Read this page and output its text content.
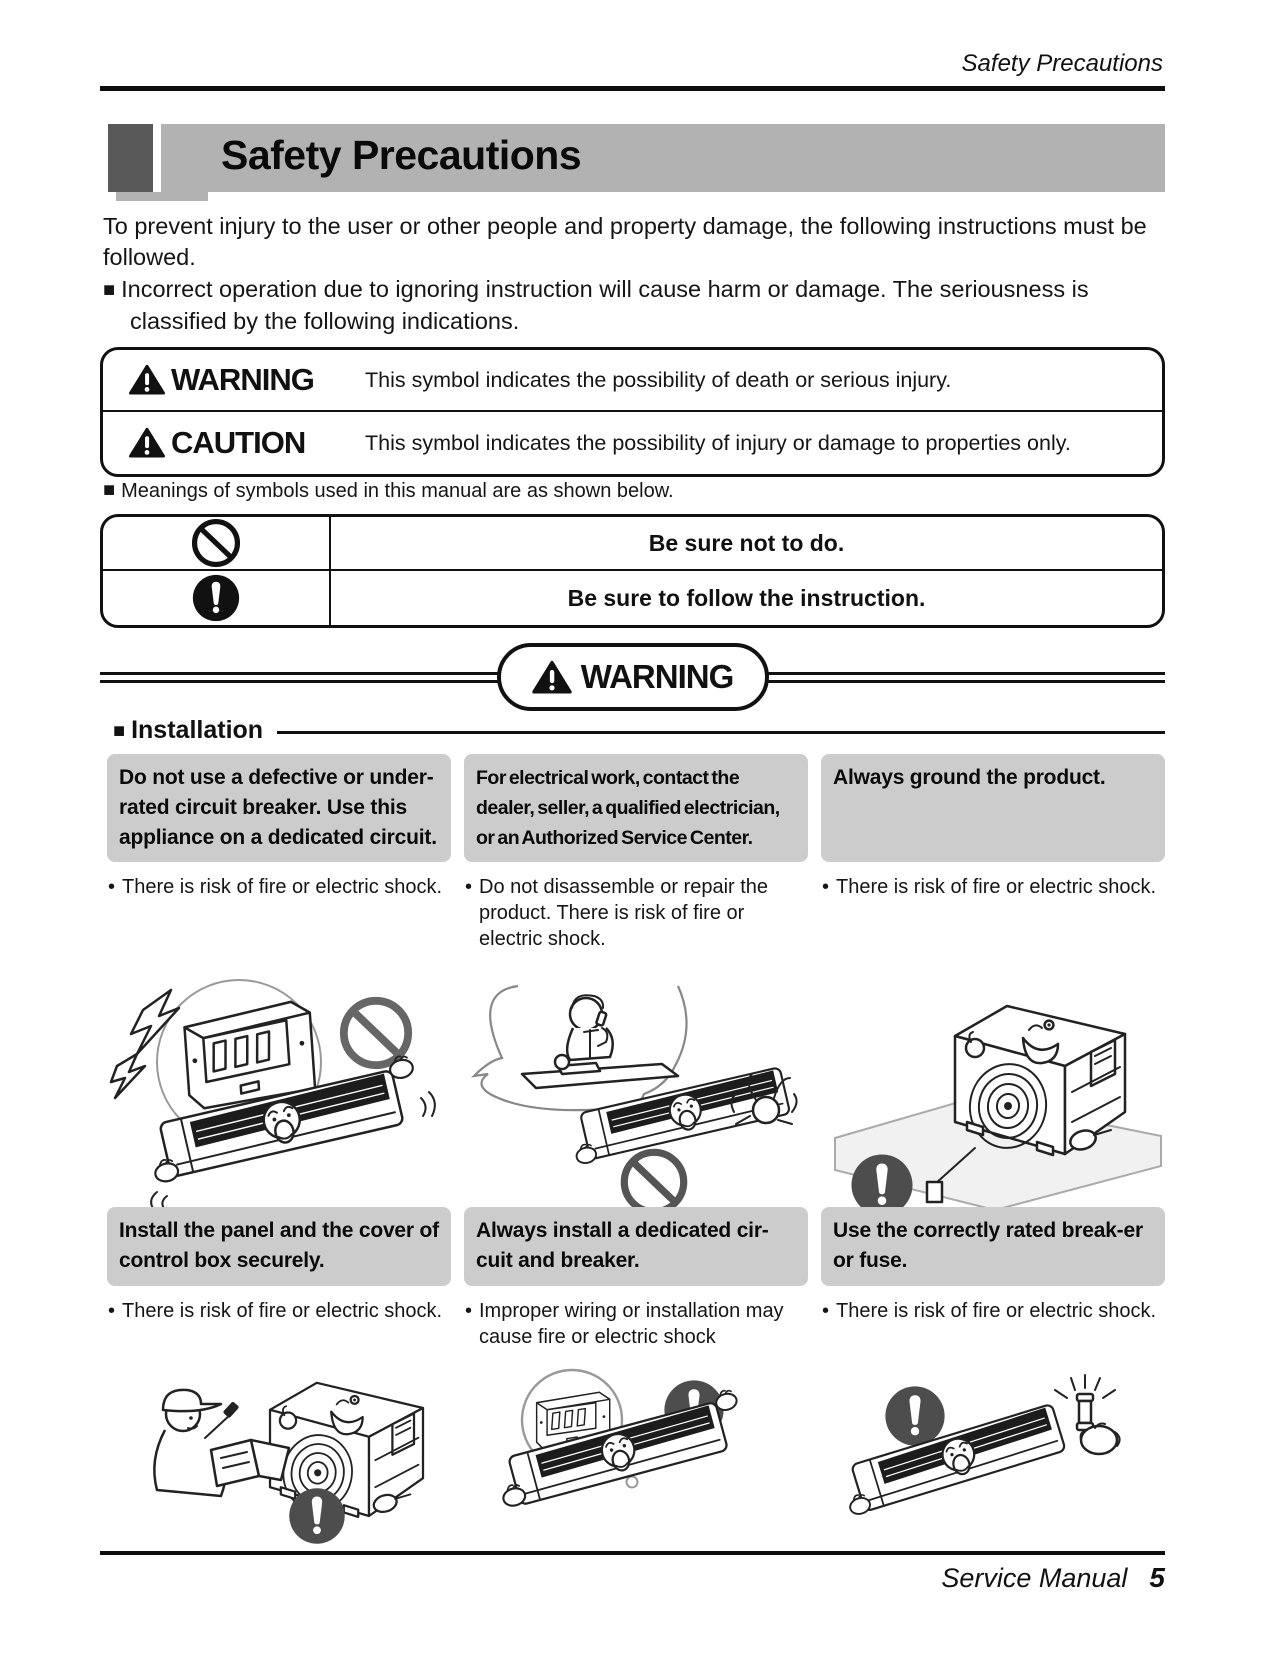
Safety Precautions
Safety Precautions
To prevent injury to the user or other people and property damage, the following instructions must be followed.
■ Incorrect operation due to ignoring instruction will cause harm or damage. The seriousness is classified by the following indications.
WARNING This symbol indicates the possibility of death or serious injury.
CAUTION	This symbol indicates the possibility of injury or damage to properties only.
■ Meanings of symbols used in this manual are as shown below.
Be sure not to do.
Be sure to follow the instruction.
WARNING
■ Installation
Do not use a defective or under-rated circuit breaker. Use this appliance on a dedicated circuit.
• There is risk of fire or electric shock.
For electrical work, contact the dealer, seller, a qualified electrician, or an Authorized Service Center.
• Do not disassemble or repair the product. There is risk of fire or electric shock.
Always ground the product.
• There is risk of fire or electric shock.
Install the panel and the cover of control box securely.
• There is risk of fire or electric shock.
Always install a dedicated cir-cuit and breaker.
• Improper wiring or installation may cause fire or electric shock
Use the correctly rated break-er or fuse.
• There is risk of fire or electric shock.
Service Manual 5
